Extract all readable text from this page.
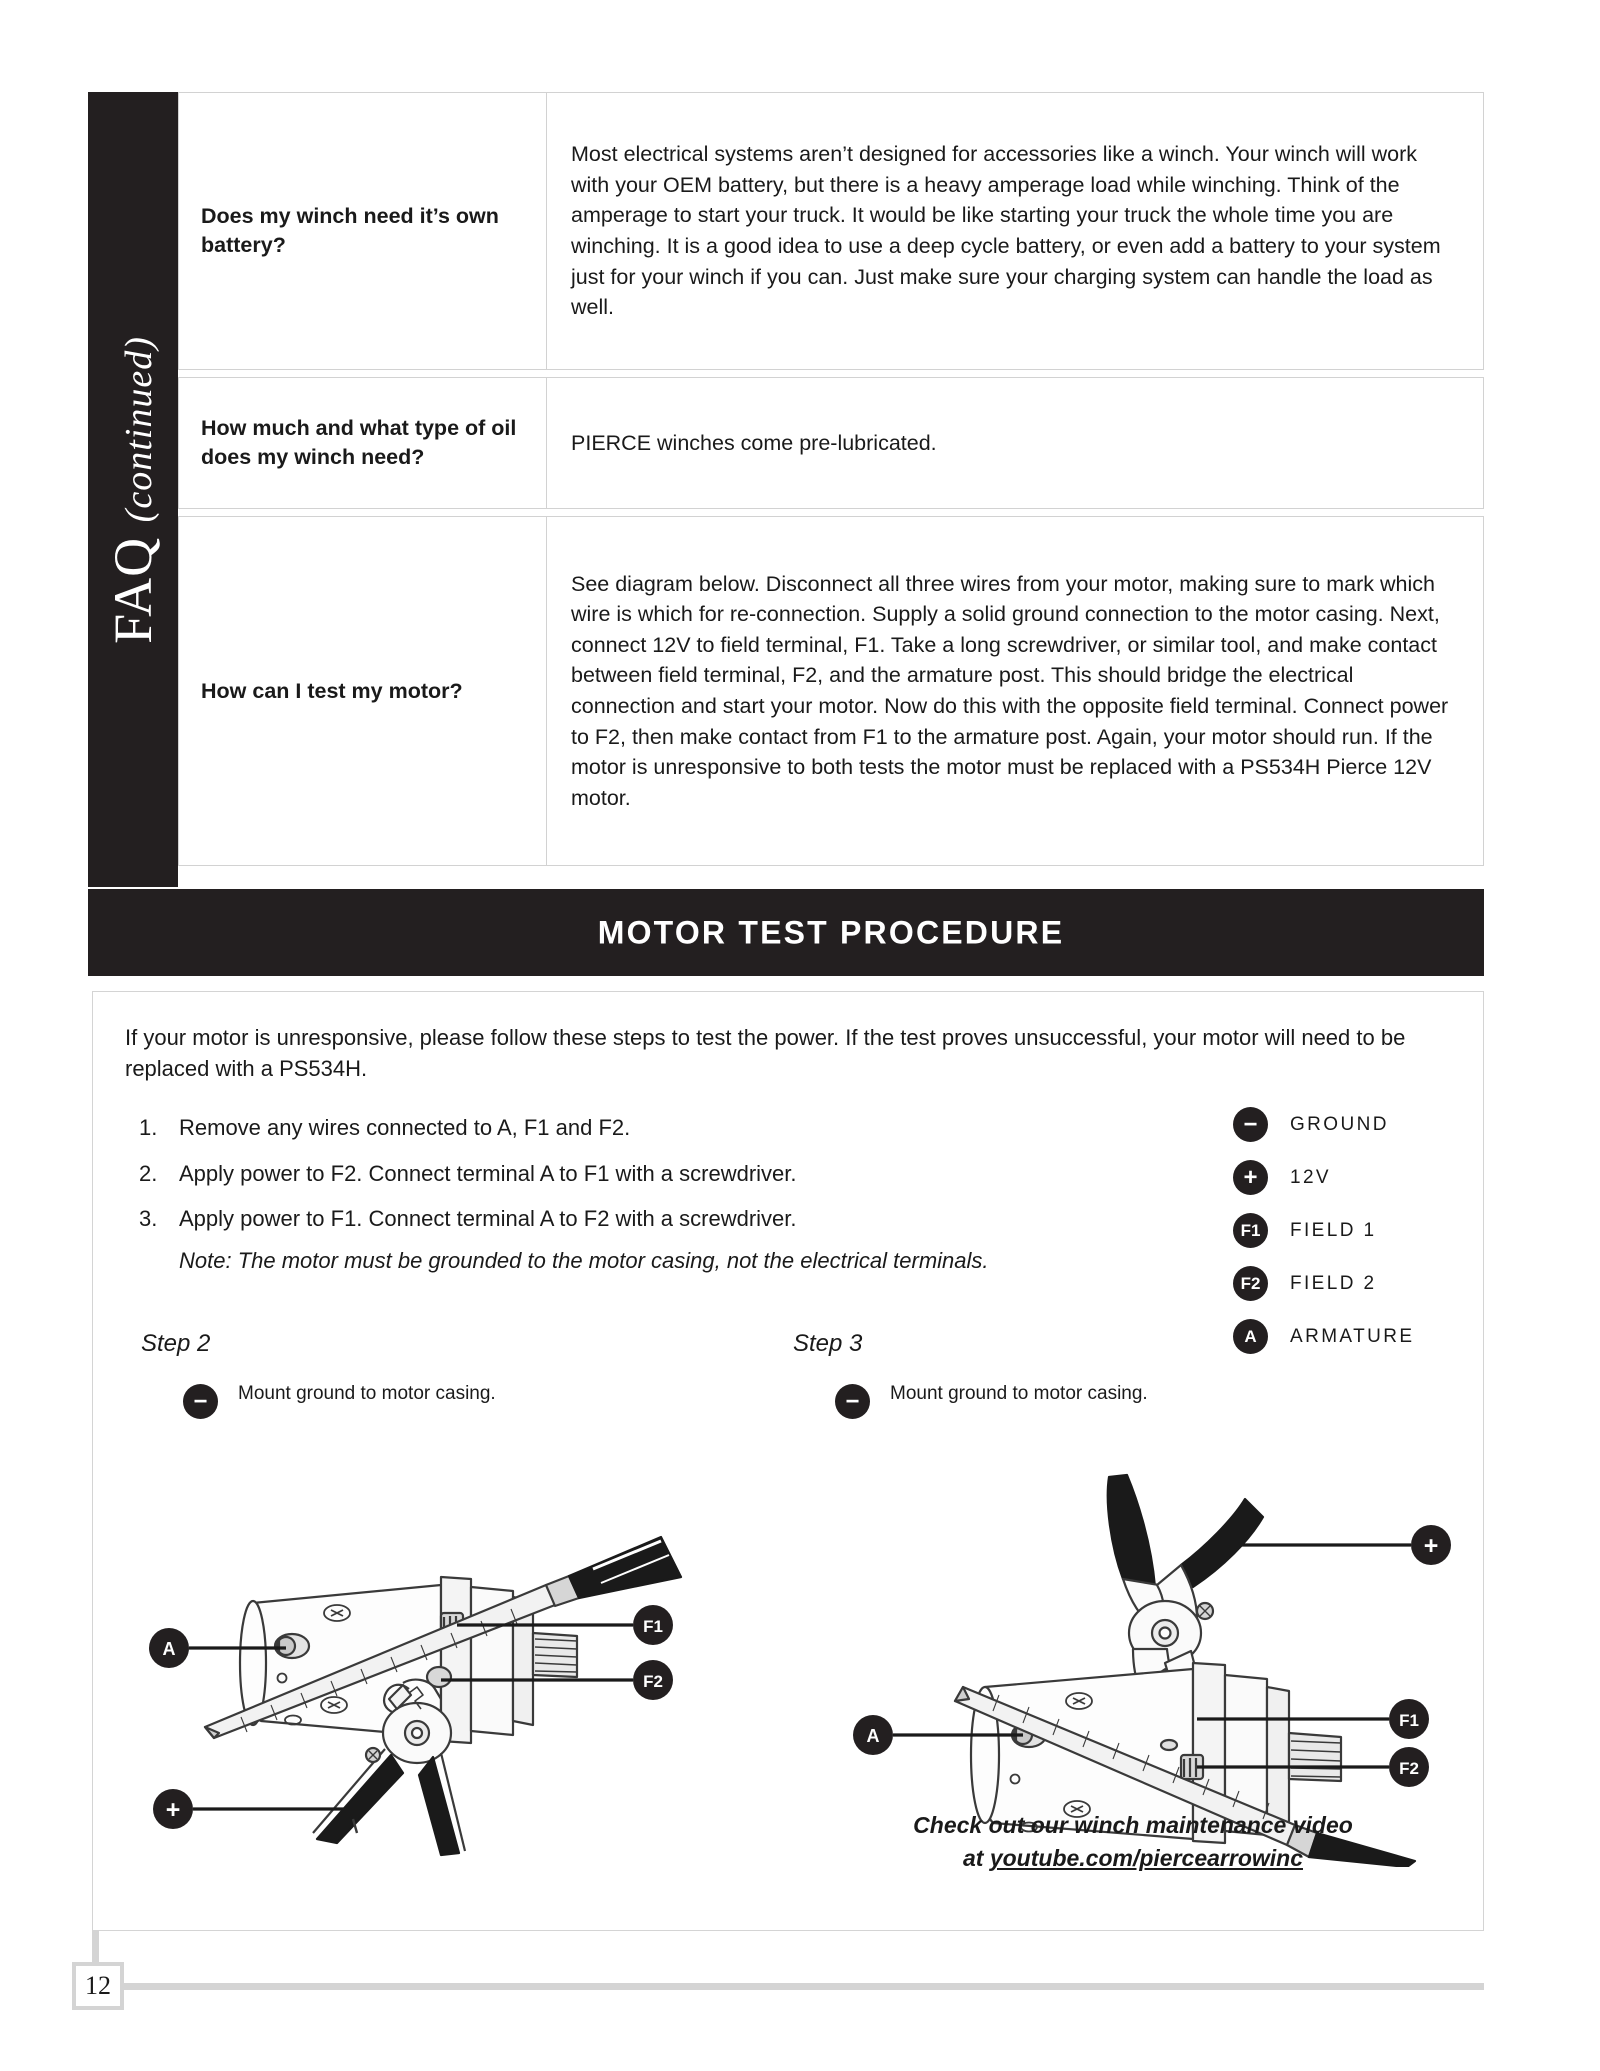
FAQ (continued)
Does my winch need it’s own battery?
Most electrical systems aren’t designed for accessories like a winch. Your winch will work with your OEM battery, but there is a heavy amperage load while winching. Think of the amperage to start your truck. It would be like starting your truck the whole time you are winching. It is a good idea to use a deep cycle battery, or even add a battery to your system just for your winch if you can. Just make sure your charging system can handle the load as well.
How much and what type of oil does my winch need?
PIERCE winches come pre-lubricated.
How can I test my motor?
See diagram below. Disconnect all three wires from your motor, making sure to mark which wire is which for re-connection. Supply a solid ground connection to the motor casing. Next, connect 12V to field terminal, F1. Take a long screwdriver, or similar tool, and make contact between field terminal, F2, and the armature post. This should bridge the electrical connection and start your motor. Now do this with the opposite field terminal. Connect power to F2, then make contact from F1 to the armature post. Again, your motor should run. If the motor is unresponsive to both tests the motor must be replaced with a PS534H Pierce 12V motor.
MOTOR TEST PROCEDURE
If your motor is unresponsive, please follow these steps to test the power. If the test proves unsuccessful, your motor will need to be replaced with a PS534H.
1. Remove any wires connected to A, F1 and F2.
2. Apply power to F2. Connect terminal A to F1 with a screwdriver.
3. Apply power to F1. Connect terminal A to F2 with a screwdriver.
Note: The motor must be grounded to the motor casing, not the electrical terminals.
−	GROUND
+	12V
F1	FIELD 1
F2	FIELD 2
A	ARMATURE
Step 2
−	Mount ground to motor casing.
A
F1
F2
+
Step 3
−	Mount ground to motor casing.
A
F1
F2
+
Check out our winch maintenance video
at youtube.com/piercearrowinc
12
